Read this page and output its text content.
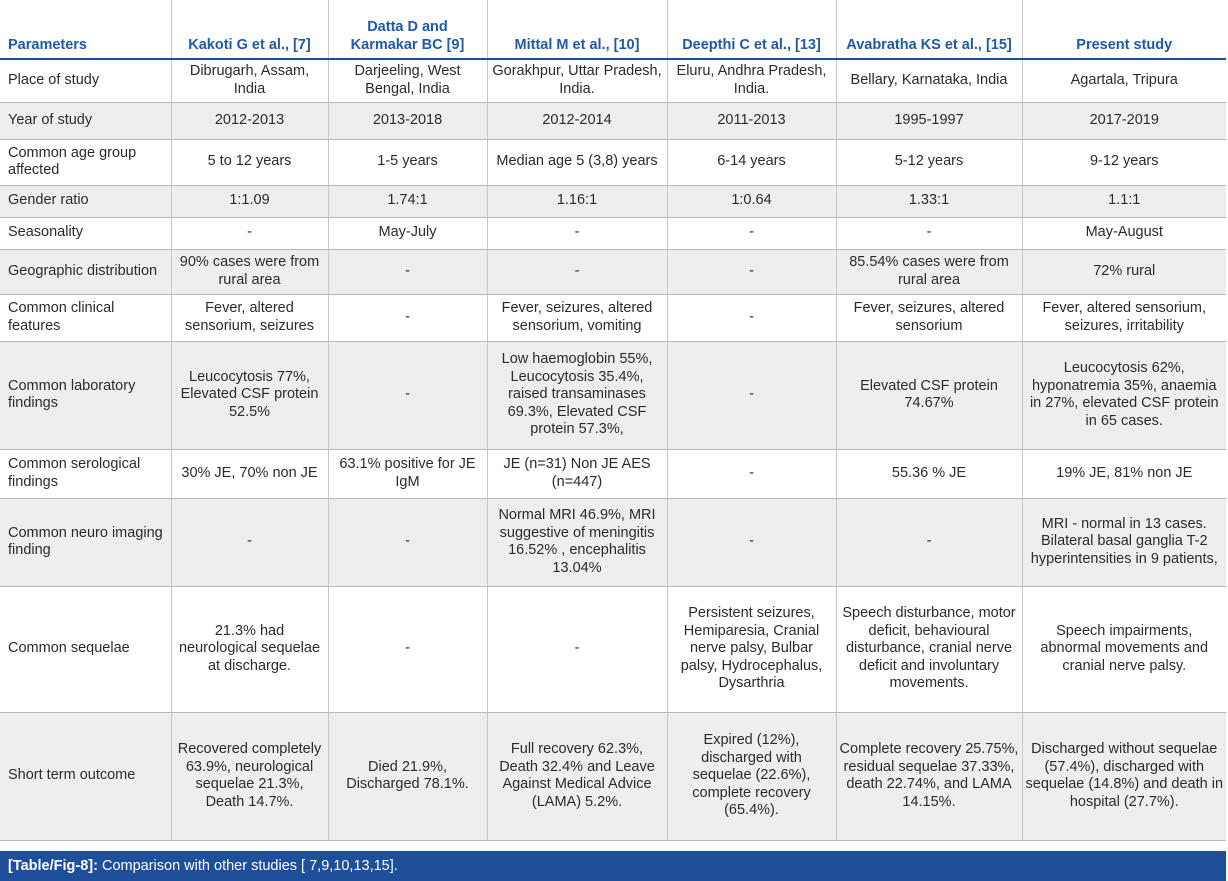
Parameters	Kakoti G et al., [7]	Datta D and Karmakar BC [9]	Mittal M et al., [10]	Deepthi C et al., [13]	Avabratha KS et al., [15]	Present study
Place of study	Dibrugarh, Assam, India	Darjeeling, West Bengal, India	Gorakhpur, Uttar Pradesh, India.	Eluru, Andhra Pradesh, India.	Bellary, Karnataka, India	Agartala, Tripura
Year of study	2012-2013	2013-2018	2012-2014	2011-2013	1995-1997	2017-2019
Common age group affected	5 to 12 years	1-5 years	Median age 5 (3,8) years	6-14 years	5-12 years	9-12 years
Gender ratio	1:1.09	1.74:1	1.16:1	1:0.64	1.33:1	1.1:1
Seasonality	-	May-July	-	-	-	May-August
Geographic distribution	90% cases were from rural area	-	-	-	85.54% cases were from rural area	72% rural
Common clinical features	Fever, altered sensorium, seizures	-	Fever, seizures, altered sensorium, vomiting	-	Fever, seizures, altered sensorium	Fever, altered sensorium, seizures, irritability
Common laboratory findings	Leucocytosis 77%, Elevated CSF protein 52.5%	-	Low haemoglobin 55%, Leucocytosis 35.4%, raised transaminases 69.3%, Elevated CSF protein 57.3%,	-	Elevated CSF protein 74.67%	Leucocytosis 62%, hyponatremia 35%, anaemia in 27%, elevated CSF protein in 65 cases.
Common serological findings	30% JE, 70% non JE	63.1% positive for JE IgM	JE (n=31) Non JE AES (n=447)	-	55.36 % JE	19% JE, 81% non JE
Common neuro imaging finding	-	-	Normal MRI 46.9%, MRI suggestive of meningitis 16.52% , encephalitis 13.04%	-	-	MRI - normal in 13 cases. Bilateral basal ganglia T-2 hyperintensities in 9 patients,
Common sequelae	21.3% had neurological sequelae at discharge.	-	-	Persistent seizures, Hemiparesia, Cranial nerve palsy, Bulbar palsy, Hydrocephalus, Dysarthria	Speech disturbance, motor deficit, behavioural disturbance, cranial nerve deficit and involuntary movements.	Speech impairments, abnormal movements and cranial nerve palsy.
Short term outcome	Recovered completely 63.9%, neurological sequelae 21.3%, Death 14.7%.	Died 21.9%, Discharged 78.1%.	Full recovery 62.3%, Death 32.4% and Leave Against Medical Advice (LAMA) 5.2%.	Expired (12%), discharged with sequelae (22.6%), complete recovery (65.4%).	Complete recovery 25.75%, residual sequelae 37.33%, death 22.74%, and LAMA 14.15%.	Discharged without sequelae (57.4%), discharged with sequelae (14.8%) and death in hospital (27.7%).
[Table/Fig-8]: Comparison with other studies [ 7,9,10,13,15].
